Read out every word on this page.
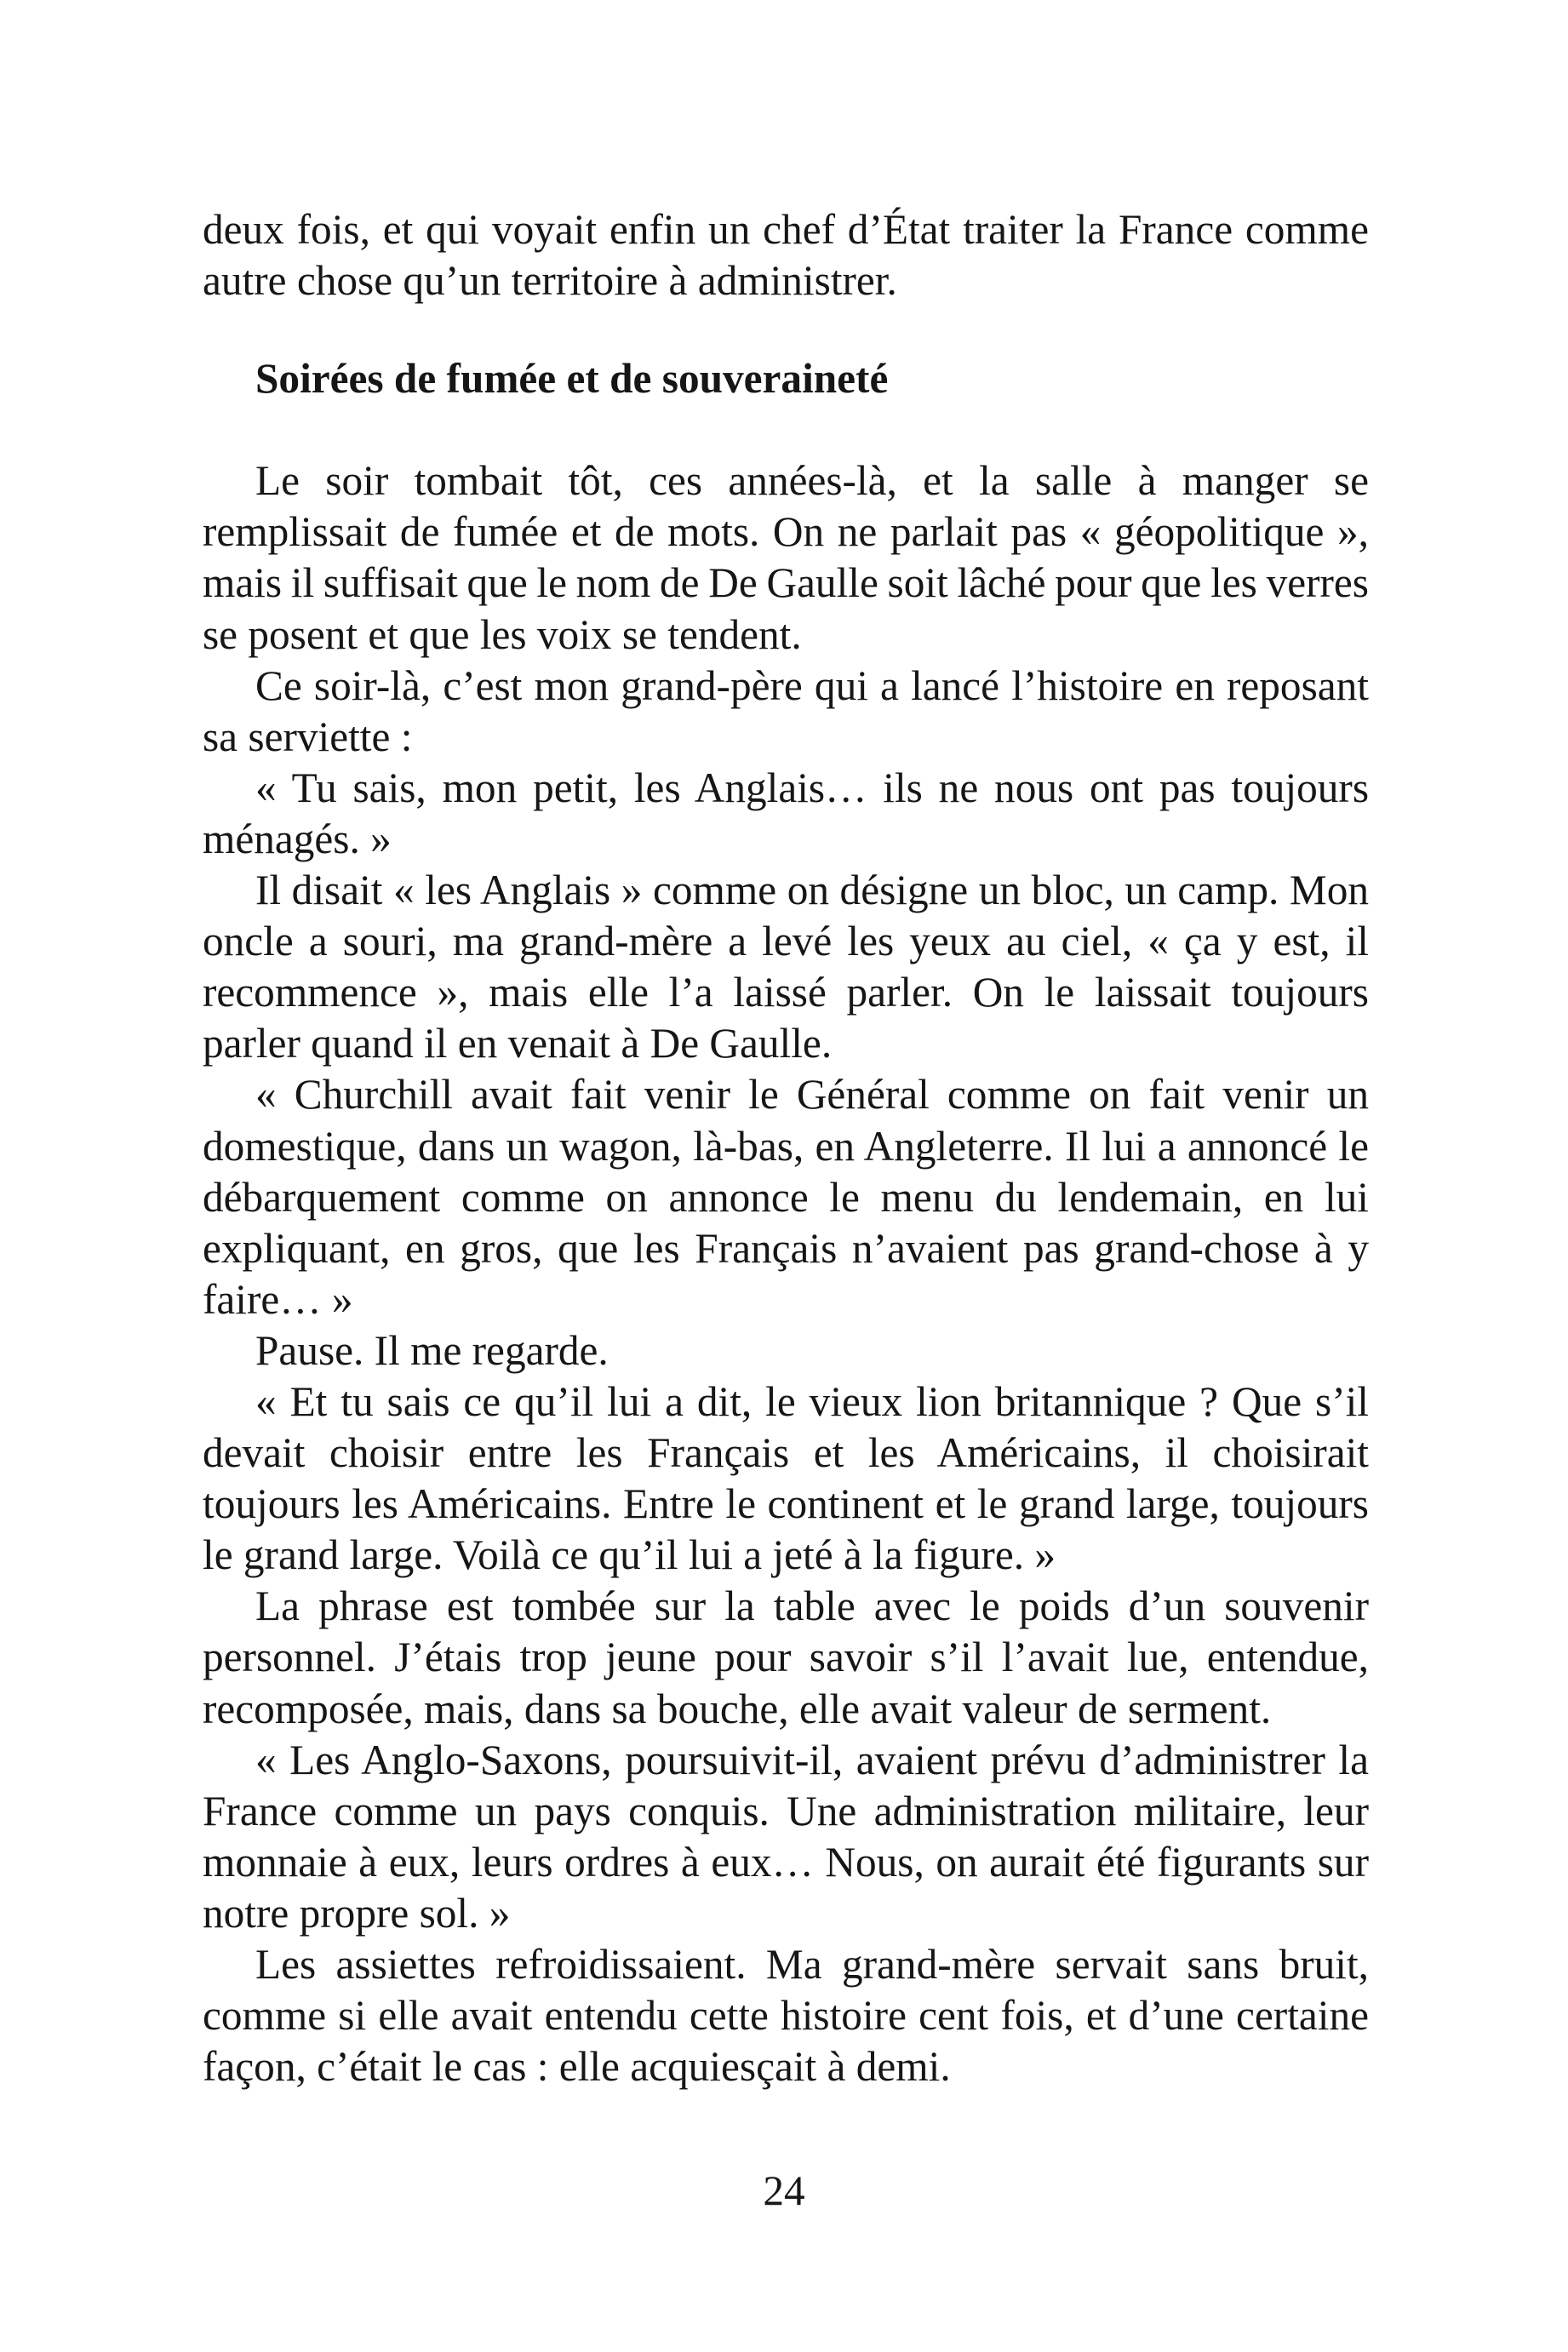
deux fois, et qui voyait enfin un chef d’État traiter la France comme
autre chose qu’un territoire à administrer.
Soirées de fumée et de souveraineté
Le soir tombait tôt, ces années-là, et la salle à manger se
remplissait de fumée et de mots. On ne parlait pas « géopolitique »,
mais il suffisait que le nom de De Gaulle soit lâché pour que les verres
se posent et que les voix se tendent.
Ce soir-là, c’est mon grand-père qui a lancé l’histoire en reposant
sa serviette :
« Tu sais, mon petit, les Anglais… ils ne nous ont pas toujours
ménagés. »
Il disait « les Anglais » comme on désigne un bloc, un camp. Mon
oncle a souri, ma grand-mère a levé les yeux au ciel, « ça y est, il
recommence », mais elle l’a laissé parler. On le laissait toujours
parler quand il en venait à De Gaulle.
« Churchill avait fait venir le Général comme on fait venir un
domestique, dans un wagon, là-bas, en Angleterre. Il lui a annoncé le
débarquement comme on annonce le menu du lendemain, en lui
expliquant, en gros, que les Français n’avaient pas grand-chose à y
faire… »
Pause. Il me regarde.
« Et tu sais ce qu’il lui a dit, le vieux lion britannique ? Que s’il
devait choisir entre les Français et les Américains, il choisirait
toujours les Américains. Entre le continent et le grand large, toujours
le grand large. Voilà ce qu’il lui a jeté à la figure. »
La phrase est tombée sur la table avec le poids d’un souvenir
personnel. J’étais trop jeune pour savoir s’il l’avait lue, entendue,
recomposée, mais, dans sa bouche, elle avait valeur de serment.
« Les Anglo-Saxons, poursuivit-il, avaient prévu d’administrer la
France comme un pays conquis. Une administration militaire, leur
monnaie à eux, leurs ordres à eux… Nous, on aurait été figurants sur
notre propre sol. »
Les assiettes refroidissaient. Ma grand-mère servait sans bruit,
comme si elle avait entendu cette histoire cent fois, et d’une certaine
façon, c’était le cas : elle acquiesçait à demi.
24
